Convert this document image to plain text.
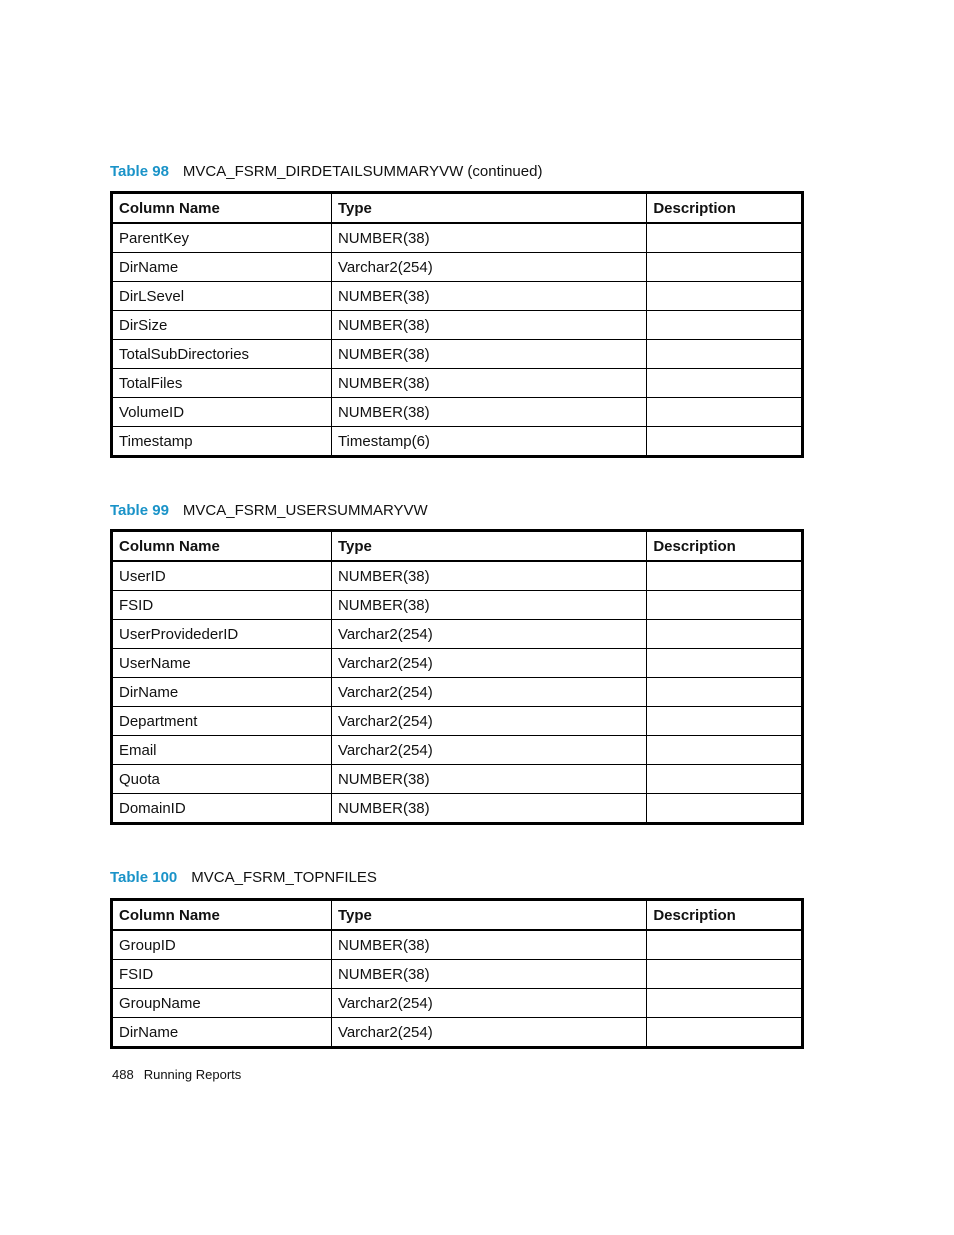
Table 98 MVCA_FSRM_DIRDETAILSUMMARYVW (continued)
Column Name	Type	Description
ParentKey	NUMBER(38)	
DirName	Varchar2(254)	
DirLSevel	NUMBER(38)	
DirSize	NUMBER(38)	
TotalSubDirectories	NUMBER(38)	
TotalFiles	NUMBER(38)	
VolumeID	NUMBER(38)	
Timestamp	Timestamp(6)	
Table 99 MVCA_FSRM_USERSUMMARYVW
Column Name	Type	Description
UserID	NUMBER(38)	
FSID	NUMBER(38)	
UserProvidederID	Varchar2(254)	
UserName	Varchar2(254)	
DirName	Varchar2(254)	
Department	Varchar2(254)	
Email	Varchar2(254)	
Quota	NUMBER(38)	
DomainID	NUMBER(38)	
Table 100 MVCA_FSRM_TOPNFILES
Column Name	Type	Description
GroupID	NUMBER(38)	
FSID	NUMBER(38)	
GroupName	Varchar2(254)	
DirName	Varchar2(254)	
488 Running Reports
